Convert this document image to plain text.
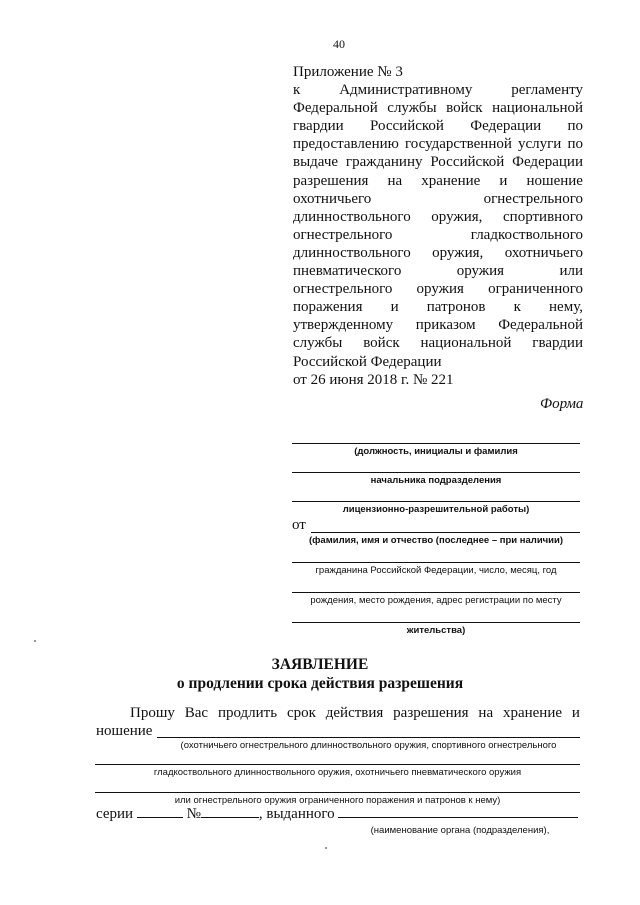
40
Приложение № 3
к	Административному	регламенту
Федеральной службы войск национальной
гвардии Российской Федерации по
предоставлению государственной услуги по
выдаче гражданину Российской Федерации
разрешения на хранение и ношение
охотничьего	огнестрельного
длинноствольного оружия, спортивного
огнестрельного	гладкоствольного
длинноствольного оружия, охотничьего
пневматического	оружия	или
огнестрельного оружия ограниченного
поражения и патронов к нему,
утвержденному приказом Федеральной
службы войск национальной гвардии
Российской Федерации
от 26 июня 2018 г. № 221
Форма
(должность, инициалы и фамилия
начальника подразделения
лицензионно-разрешительной работы)
от
(фамилия, имя и отчество (последнее – при наличии)
гражданина Российской Федерации, число, месяц, год
рождения, место рождения, адрес регистрации по месту
жительства)
ЗАЯВЛЕНИЕ
о продлении срока действия разрешения
Прошу Вас продлить срок действия разрешения на хранение и
ношение
(охотничьего огнестрельного длинноствольного оружия, спортивного огнестрельного
гладкоствольного длинноствольного оружия, охотничьего пневматического оружия
или огнестрельного оружия ограниченного поражения и патронов к нему)
серии	№	, выданного
(наименование органа (подразделения),
